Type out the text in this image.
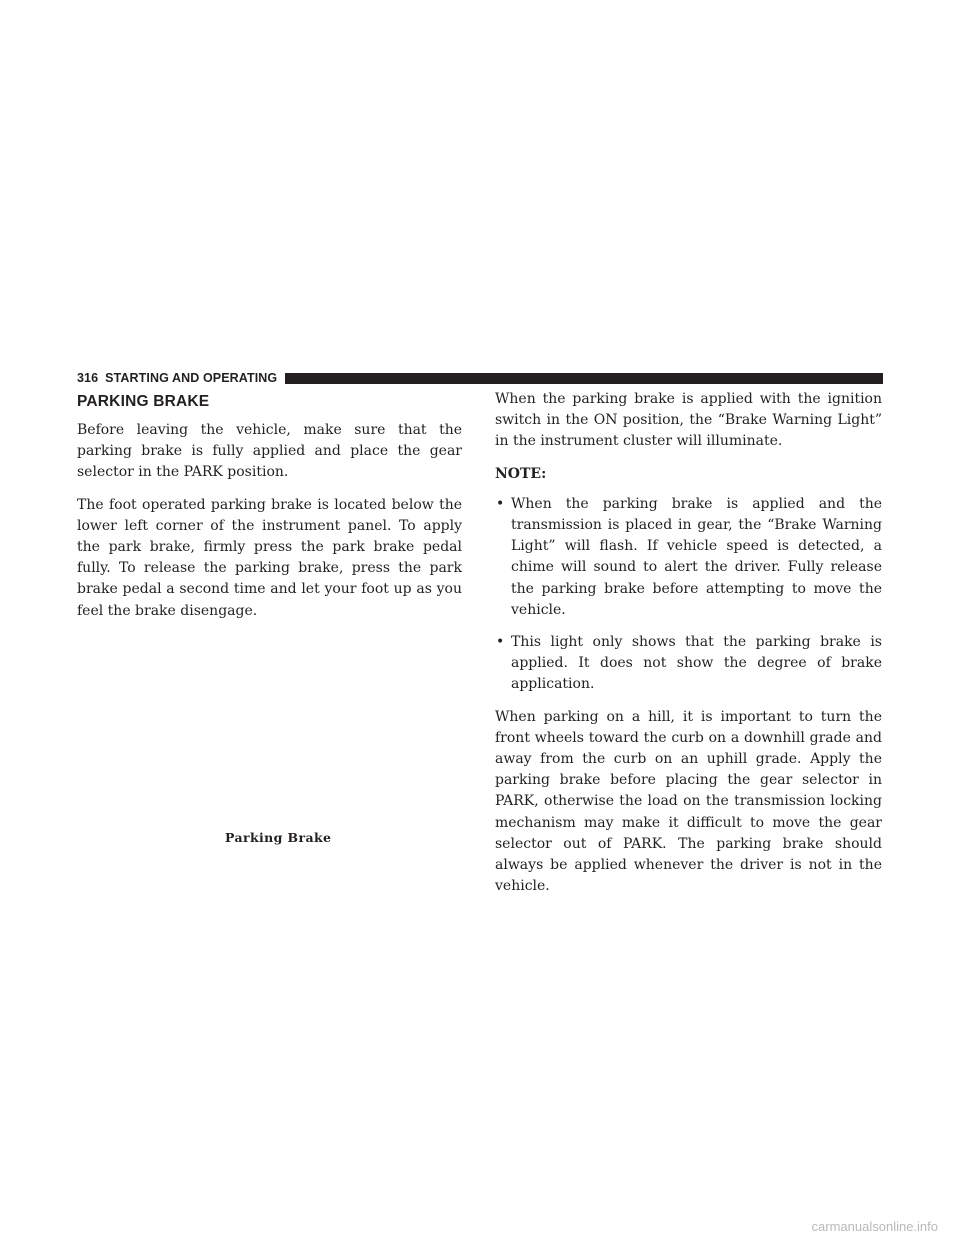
316 STARTING AND OPERATING
PARKING BRAKE

Before leaving the vehicle, make sure that the parking brake is fully applied and place the gear selector in the PARK position.

The foot operated parking brake is located below the lower left corner of the instrument panel. To apply the park brake, firmly press the park brake pedal fully. To release the parking brake, press the park brake pedal a second time and let your foot up as you feel the brake disengage.

Parking Brake

When the parking brake is applied with the ignition switch in the ON position, the “Brake Warning Light” in the instrument cluster will illuminate.

NOTE:
• When the parking brake is applied and the transmission is placed in gear, the “Brake Warning Light” will flash. If vehicle speed is detected, a chime will sound to alert the driver. Fully release the parking brake before attempting to move the vehicle.
• This light only shows that the parking brake is applied. It does not show the degree of brake application.

When parking on a hill, it is important to turn the front wheels toward the curb on a downhill grade and away from the curb on an uphill grade. Apply the parking brake before placing the gear selector in PARK, otherwise the load on the transmission locking mechanism may make it difficult to move the gear selector out of PARK. The parking brake should always be applied whenever the driver is not in the vehicle.

carmanualsonline.info
